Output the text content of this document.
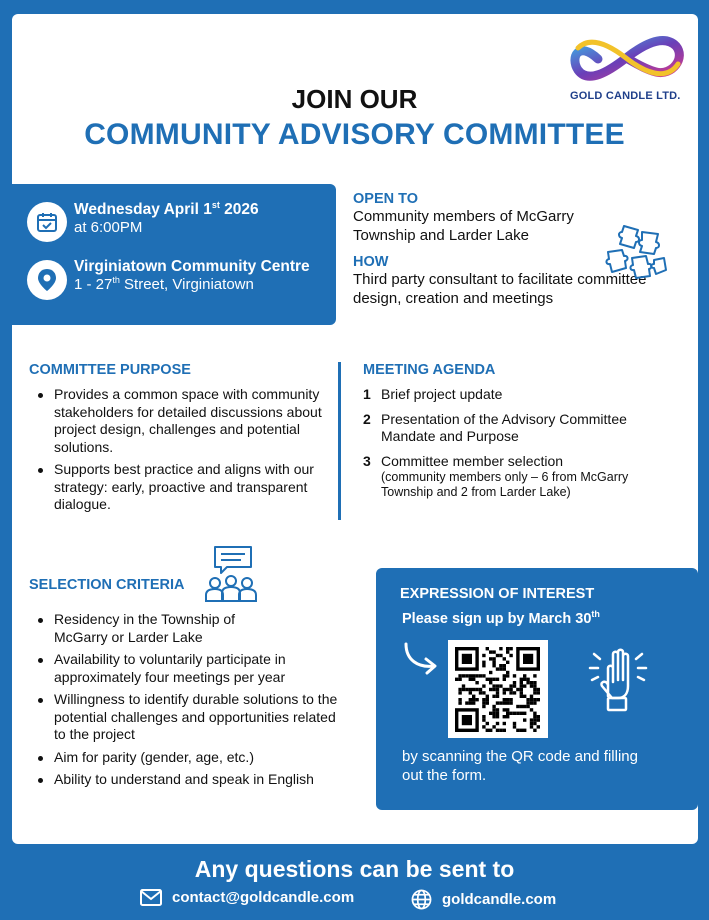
GOLD CANDLE LTD.
JOIN OUR
COMMUNITY ADVISORY COMMITTEE
Wednesday April 1st 2026
at 6:00PM
Virginiatown Community Centre
1 - 27th Street, Virginiatown
OPEN TO
Community members of McGarry Township and Larder Lake
HOW
Third party consultant to facilitate committee design, creation and meetings
COMMITTEE PURPOSE
Provides a common space with community stakeholders for detailed discussions about project design, challenges and potential solutions.
Supports best practice and aligns with our strategy: early, proactive and transparent dialogue.
MEETING AGENDA
1 Brief project update
2 Presentation of the Advisory Committee Mandate and Purpose
3 Committee member selection
(community members only – 6 from McGarry Township and 2 from Larder Lake)
SELECTION CRITERIA
Residency in the Township of McGarry or Larder Lake
Availability to voluntarily participate in approximately four meetings per year
Willingness to identify durable solutions to the potential challenges and opportunities related to the project
Aim for parity (gender, age, etc.)
Ability to understand and speak in English
EXPRESSION OF INTEREST
Please sign up by March 30th
by scanning the QR code and filling out the form.
Any questions can be sent to
contact@goldcandle.com	goldcandle.com
